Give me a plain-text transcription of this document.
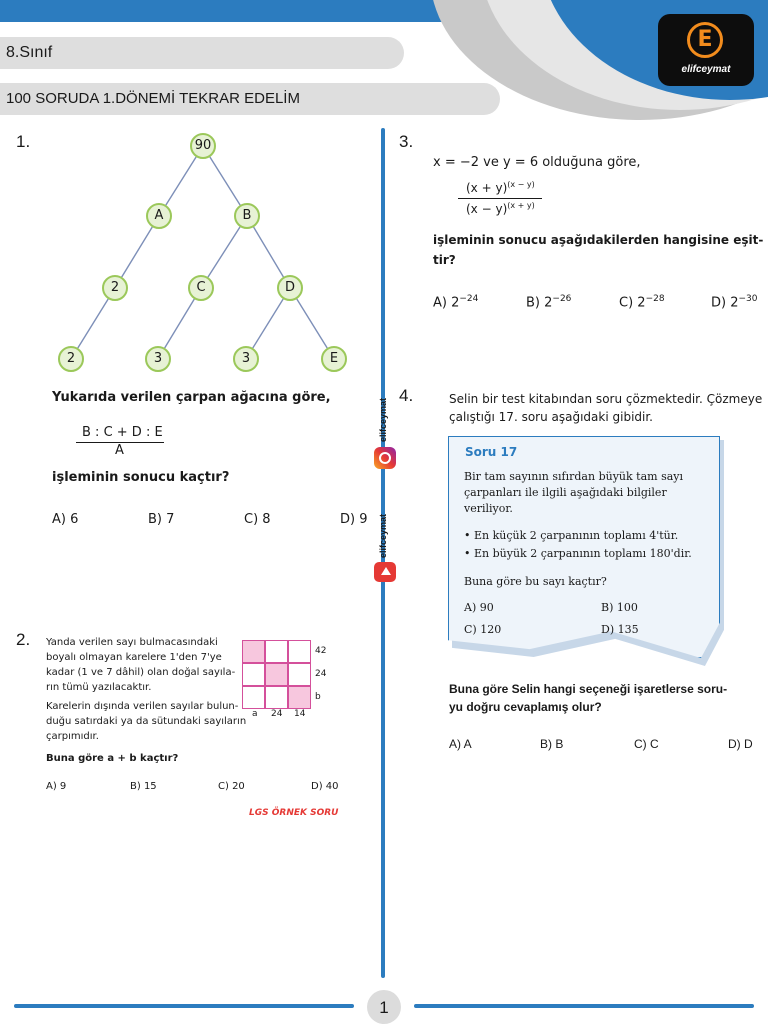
E
elifceymat
8.Sınıf
100 SORUDA 1.DÖNEMİ TEKRAR EDELİM
elifceymat
elifceymat
1.	90
A	B
2	C	D
2	3	3	E
Yukarıda verilen çarpan ağacına göre,
B : C + D : E
A
işleminin sonucu kaçtır?
A) 6	B) 7	C) 8	D) 9
2. Yanda verilen sayı bulmacasındaki
boyalı olmayan karelere 1'den 7'ye
kadar (1 ve 7 dâhil) olan doğal sayıla-
rın tümü yazılacaktır.
Karelerin dışında verilen sayılar bulun-
duğu satırdaki ya da sütundaki sayıların
çarpımıdır.
Buna göre a + b kaçtır?
42
24
b
a 24 14
A) 9	B) 15	C) 20	D) 40
LGS ÖRNEK SORU
3.
x = −2 ve y = 6 olduğuna göre,
$(x + y)^{(x - y)}$
$(x - y)^{(x + y)}$
işleminin sonucu aşağıdakilerden hangisine eşit-
tir?
A) $2^{-24}$	B) $2^{-26}$	C) $2^{-28}$	D) $2^{-30}$
4.	Selin bir test kitabından soru çözmektedir. Çözmeye
çalıştığı 17. soru aşağıdaki gibidir.
Soru 17
Bir tam sayının sıfırdan büyük tam sayı
çarpanları ile ilgili aşağıdaki bilgiler
veriliyor.
• En küçük 2 çarpanının toplamı 4'tür.
• En büyük 2 çarpanının toplamı 180'dir.
Buna göre bu sayı kaçtır?
A) 90	B) 100
C) 120	D) 135
Buna göre Selin hangi seçeneği işaretlerse soru-
yu doğru cevaplamış olur?
A) A	B) B	C) C	D) D
1
